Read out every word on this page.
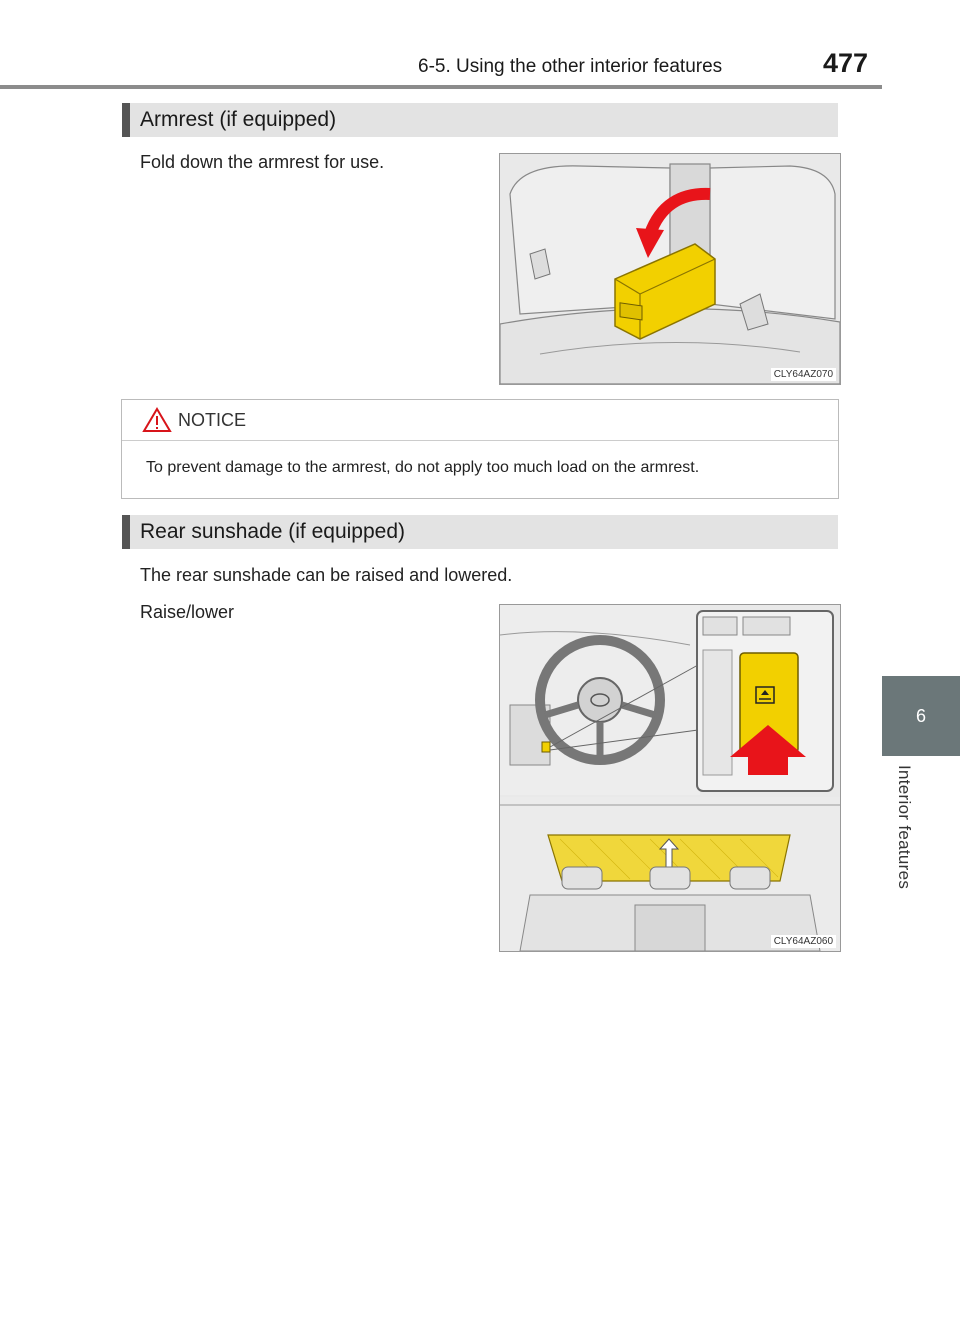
6-5. Using the other interior features	477
6
Interior features
Armrest (if equipped)
Fold down the armrest for use.
CLY64AZ070
NOTICE
To prevent damage to the armrest, do not apply too much load on the armrest.
Rear sunshade (if equipped)
The rear sunshade can be raised and lowered.
Raise/lower
CLY64AZ060
